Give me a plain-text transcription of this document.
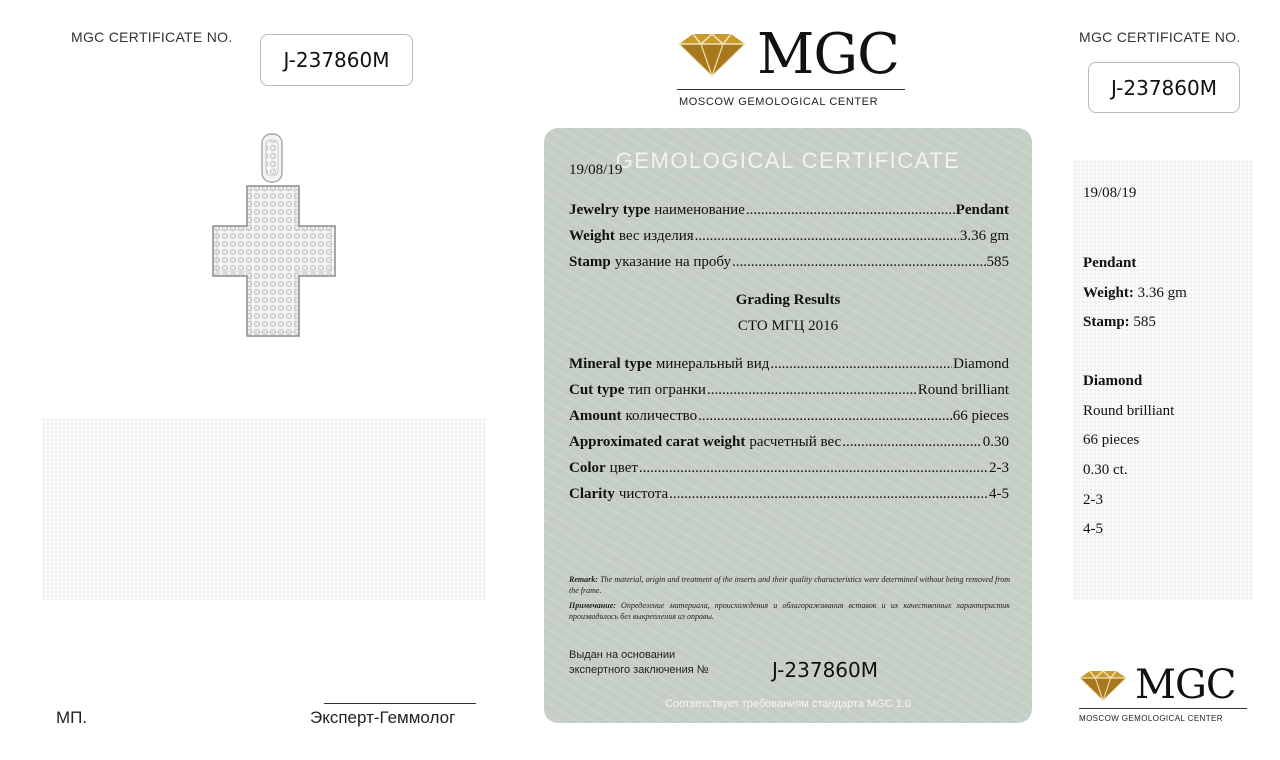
MGC CERTIFICATE NO.
J-237860M
МП.	Эксперт-Геммолог
MGC
MOSCOW GEMOLOGICAL CENTER
GEMOLOGICAL CERTIFICATE
19/08/19
Jewelry type наименование .....	Pendant
Weight вес изделия .....	3.36 gm
Stamp указание на пробу .....	585
Grading Results
СТО МГЦ 2016
Mineral type минеральный вид .....	Diamond
Cut type тип огранки .....	Round brilliant
Amount количество .....	66 pieces
Approximated carat weight расчетный вес .....	0.30
Color цвет .....	2-3
Clarity чистота .....	4-5
Remark: The material, origin and treatment of the inserts and their quality characteristics were determined without being removed from the frame.
Примечание: Определение материала, происхождения и облагораживания вставок и их качественных характеристик производилось без выкрепления из оправы.
Выдан на основании
экспертного заключения №	J-237860M
Соответствует требованиям стандарта MGC 1.0
MGC CERTIFICATE NO.
J-237860M
19/08/19
Pendant
Weight: 3.36 gm
Stamp: 585
Diamond
Round brilliant
66 pieces
0.30 ct.
2-3
4-5
MGC
MOSCOW GEMOLOGICAL CENTER
